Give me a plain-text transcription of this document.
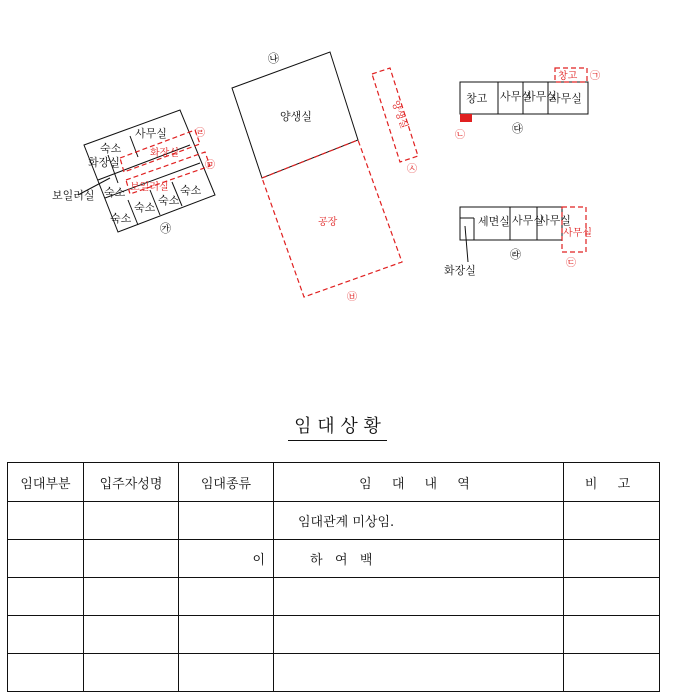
숙소
사무실
화장실
숙소
숙소
숙소
숙소
숙소
보일러실
보일러실
화장실
㉮
㉣
㉤
양생실
㉯
공장
㉥
양생실
㉦
창고 사무실
사무실
사무실
창고 ㉠
㉡
㉰
세면실 사무실
사무실
사무실
㉢
㉱
화장실
임 대 상 황
임대부분	입주자성명	임대종류	임 대 내 역	비 고
			임대관계 미상임.	
		이	하   여   백	
